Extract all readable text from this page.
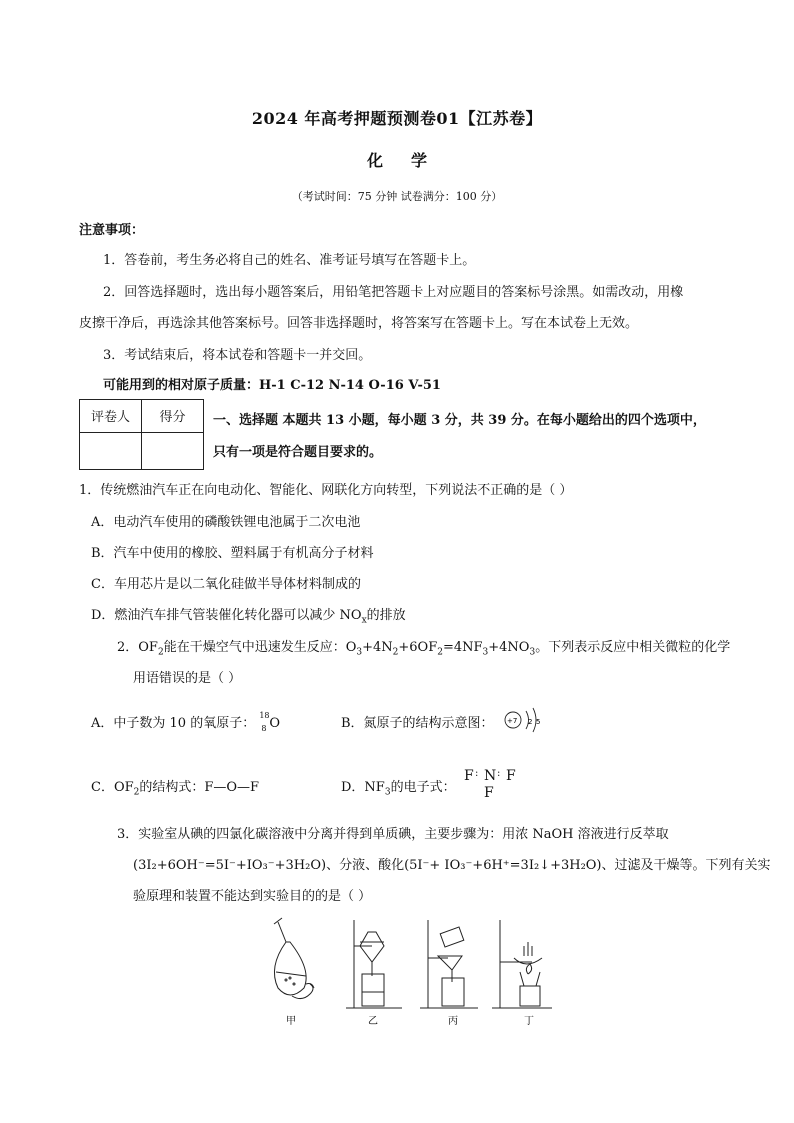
2024 年高考押题预测卷01【江苏卷】
化 学
（考试时间：75 分钟 试卷满分：100 分）
注意事项：
1．答卷前，考生务必将自己的姓名、准考证号填写在答题卡上。
2．回答选择题时，选出每小题答案后，用铅笔把答题卡上对应题目的答案标号涂黑。如需改动，用橡
皮擦干净后，再选涂其他答案标号。回答非选择题时，将答案写在答题卡上。写在本试卷上无效。
3．考试结束后，将本试卷和答题卡一并交回。
可能用到的相对原子质量：H-1 C-12 N-14 O-16 V-51
评卷人	得分
	一、选择题 本题共 13 小题，每小题 3 分，共 39 分。在每小题给出的四个选项中，
只有一项是符合题目要求的。
1．传统燃油汽车正在向电动化、智能化、网联化方向转型，下列说法不正确的是（ ）
A．电动汽车使用的磷酸铁锂电池属于二次电池
B．汽车中使用的橡胶、塑料属于有机高分子材料
C．车用芯片是以二氧化硅做半导体材料制成的
D．燃油汽车排气管装催化转化器可以减少 $NO_x$的排放
2．$OF_2$能在干燥空气中迅速发生反应：$O_3+4N_2+6OF_2=4NF_3+4NO_3$。下列表示反应中相关微粒的化学
用语错误的是（ ）
A．中子数为 10 的氧原子：
18
8 O	B．氮原子的结构示意图： +7 2 5
C．$OF_2$的结构式：F—O—F	D．$NF_3$的电子式：
F : N : F
F
3．实验室从碘的四氯化碳溶液中分离并得到单质碘，主要步骤为：用浓 NaOH 溶液进行反萃取
(3I₂+6OH⁻=5I⁻+IO₃⁻+3H₂O)、分液、酸化(5I⁻+ IO₃⁻+6H⁺=3I₂↓+3H₂O)、过滤及干燥等。下列有关实
验原理和装置不能达到实验目的的是（ ）
甲	乙	丙	丁
